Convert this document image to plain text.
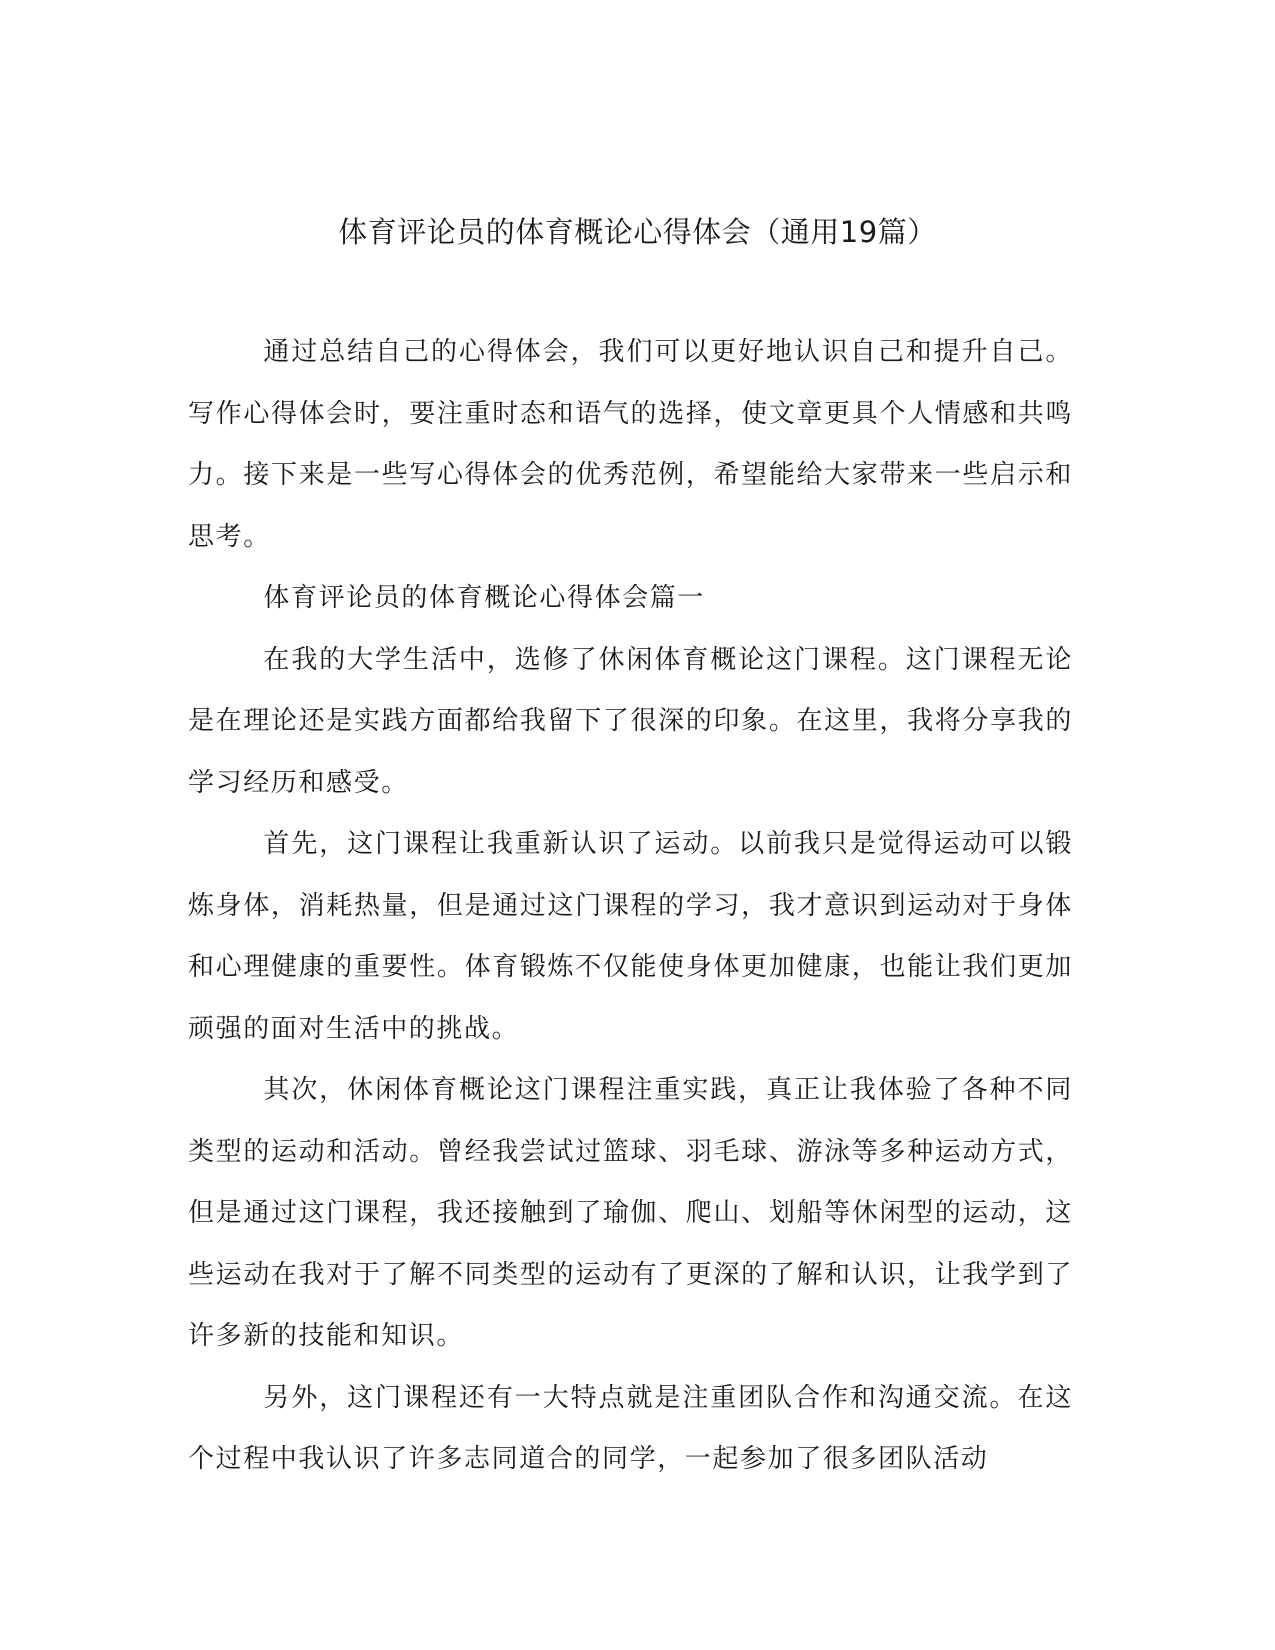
体育评论员的体育概论心得体会（通用19篇）

通过总结自己的心得体会，我们可以更好地认识自己和提升自己。写作心得体会时，要注重时态和语气的选择，使文章更具个人情感和共鸣力。接下来是一些写心得体会的优秀范例，希望能给大家带来一些启示和思考。

体育评论员的体育概论心得体会篇一

在我的大学生活中，选修了休闲体育概论这门课程。这门课程无论是在理论还是实践方面都给我留下了很深的印象。在这里，我将分享我的学习经历和感受。

首先，这门课程让我重新认识了运动。以前我只是觉得运动可以锻炼身体，消耗热量，但是通过这门课程的学习，我才意识到运动对于身体和心理健康的重要性。体育锻炼不仅能使身体更加健康，也能让我们更加顽强的面对生活中的挑战。

其次，休闲体育概论这门课程注重实践，真正让我体验了各种不同类型的运动和活动。曾经我尝试过篮球、羽毛球、游泳等多种运动方式，但是通过这门课程，我还接触到了瑜伽、爬山、划船等休闲型的运动，这些运动在我对于了解不同类型的运动有了更深的了解和认识，让我学到了许多新的技能和知识。

另外，这门课程还有一大特点就是注重团队合作和沟通交流。在这个过程中我认识了许多志同道合的同学，一起参加了很多团队活动
